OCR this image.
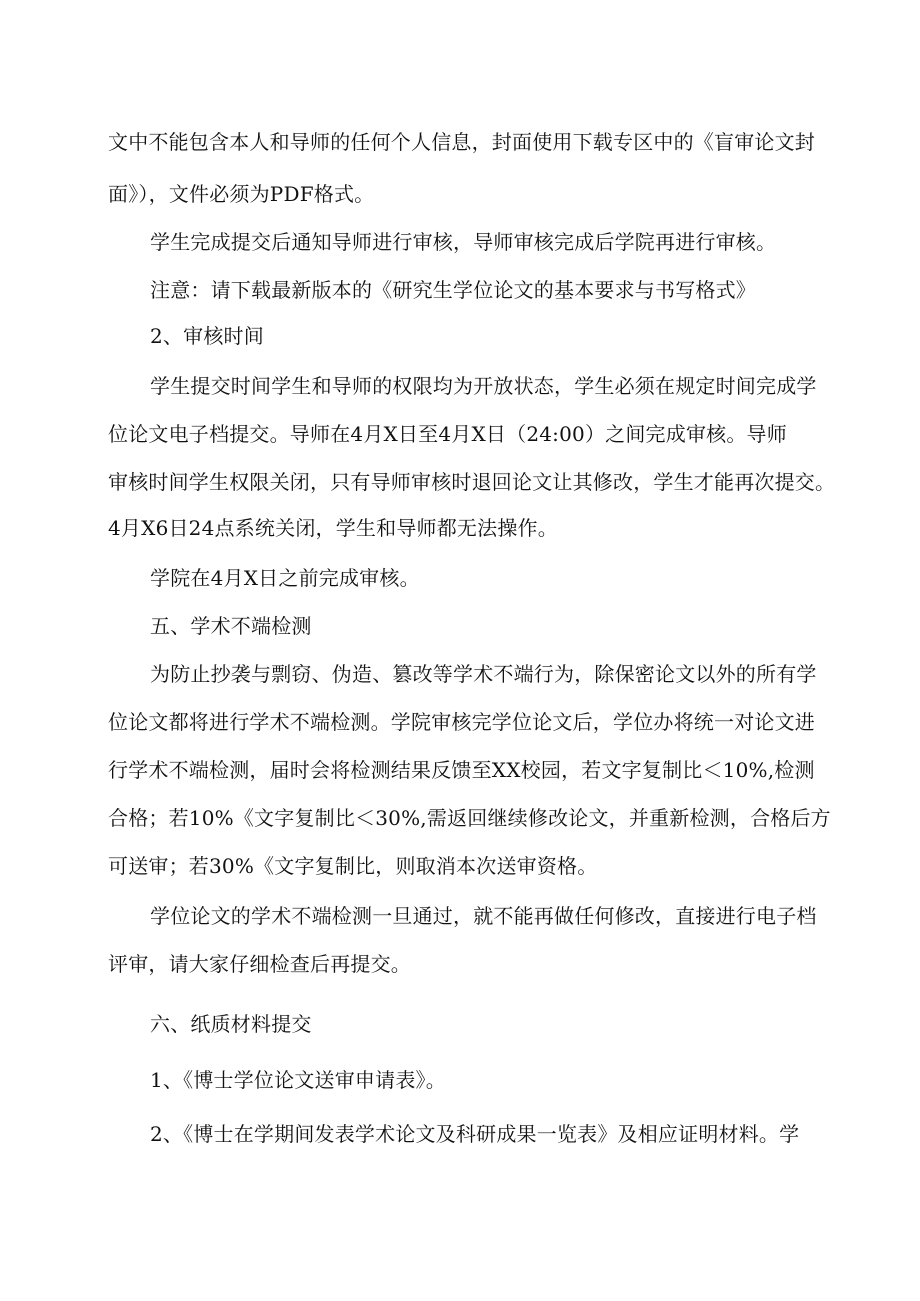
文中不能包含本人和导师的任何个人信息，封面使用下载专区中的《盲审论文封

面》），文件必须为PDF格式。

学生完成提交后通知导师进行审核，导师审核完成后学院再进行审核。

注意：请下载最新版本的《研究生学位论文的基本要求与书写格式》

2、审核时间

学生提交时间学生和导师的权限均为开放状态，学生必须在规定时间完成学

位论文电子档提交。导师在4月X日至4月X日（24:00）之间完成审核。导师

审核时间学生权限关闭，只有导师审核时退回论文让其修改，学生才能再次提交。

4月X6日24点系统关闭，学生和导师都无法操作。

学院在4月X日之前完成审核。

五、学术不端检测

为防止抄袭与剽窃、伪造、篡改等学术不端行为，除保密论文以外的所有学

位论文都将进行学术不端检测。学院审核完学位论文后，学位办将统一对论文进

行学术不端检测，届时会将检测结果反馈至XX校园，若文字复制比＜10%,检测

合格；若10%《文字复制比＜30%,需返回继续修改论文，并重新检测，合格后方

可送审；若30%《文字复制比，则取消本次送审资格。

学位论文的学术不端检测一旦通过，就不能再做任何修改，直接进行电子档

评审，请大家仔细检查后再提交。

六、纸质材料提交

1、《博士学位论文送审申请表》。

2、《博士在学期间发表学术论文及科研成果一览表》及相应证明材料。学
